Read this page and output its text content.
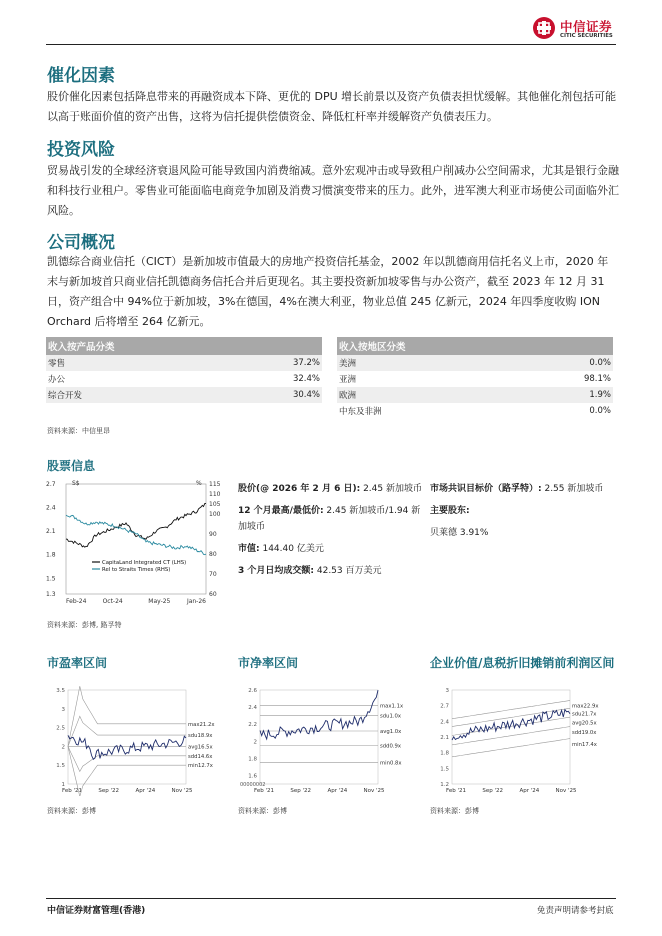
中信证券
CITIC SECURITIES
催化因素

股价催化因素包括降息带来的再融资成本下降、更优的 DPU 增长前景以及资产负债表担忧缓解。其他催化剂包括可能以高于账面价值的资产出售，这将为信托提供偿债资金、降低杠杆率并缓解资产负债表压力。

投资风险

贸易战引发的全球经济衰退风险可能导致国内消费缩减。意外宏观冲击或导致租户削减办公空间需求，尤其是银行金融和科技行业租户。零售业可能面临电商竞争加剧及消费习惯演变带来的压力。此外，进军澳大利亚市场使公司面临外汇风险。

公司概况

凯德综合商业信托（CICT）是新加坡市值最大的房地产投资信托基金，2002 年以凯德商用信托名义上市，2020 年末与新加坡首只商业信托凯德商务信托合并后更现名。其主要投资新加坡零售与办公资产，截至 2023 年 12 月 31 日，资产组合中 94%位于新加坡，3%在德国，4%在澳大利亚，物业总值 245 亿新元，2024 年四季度收购 ION Orchard 后将增至 264 亿新元。

收入按产品分类	
零售	37.2%
办公	32.4%
综合开发	30.4%

收入按地区分类	
美洲	0.0%
亚洲	98.1%
欧洲	1.9%
中东及非洲	0.0%
资料来源：中信里昂
股票信息
S$	%
2.7
2.4
2.1
1.8
1.5
1.3
115
110
105
100
90
80
70
60
Feb-24	Oct-24	May-25	Jan-26
CapitaLand Integrated CT (LHS)
Rel to Straits Times (RHS)
资料来源：彭博, 路孚特
股价(@ 2026 年 2 月 6 日): 2.45 新加坡币
12 个月最高/最低价: 2.45 新加坡币/1.94 新加坡币
市值: 144.40 亿美元
3 个月日均成交额: 42.53 百万美元
市场共识目标价（路孚特）: 2.55 新加坡币
主要股东:
贝莱德 3.91%
市盈率区间	市净率区间	企业价值/息税折旧摊销前利润区间
3.5
3
2.5
2
1.5
1
Feb '21	Sep '22	Apr '24	Nov '25
max21.2x
sdu18.9x
avg16.5x
sdd14.6x
min12.7x
2.6
2.4
2.2
2
1.8
1.6
Feb '21	Sep '22	Apr '24	Nov '25
00000002
max1.1x
sdu1.0x
avg1.0x
sdd0.9x
min0.8x
3
2.7
2.4
2.1
1.8
1.5
1.2
Feb '21	Sep '22	Apr '24	Nov '25
max22.9x
sdu21.7x
avg20.5x
sdd19.0x
min17.4x
资料来源：彭博	资料来源：彭博	资料来源：彭博
中信证券财富管理(香港)	免责声明请参考封底
